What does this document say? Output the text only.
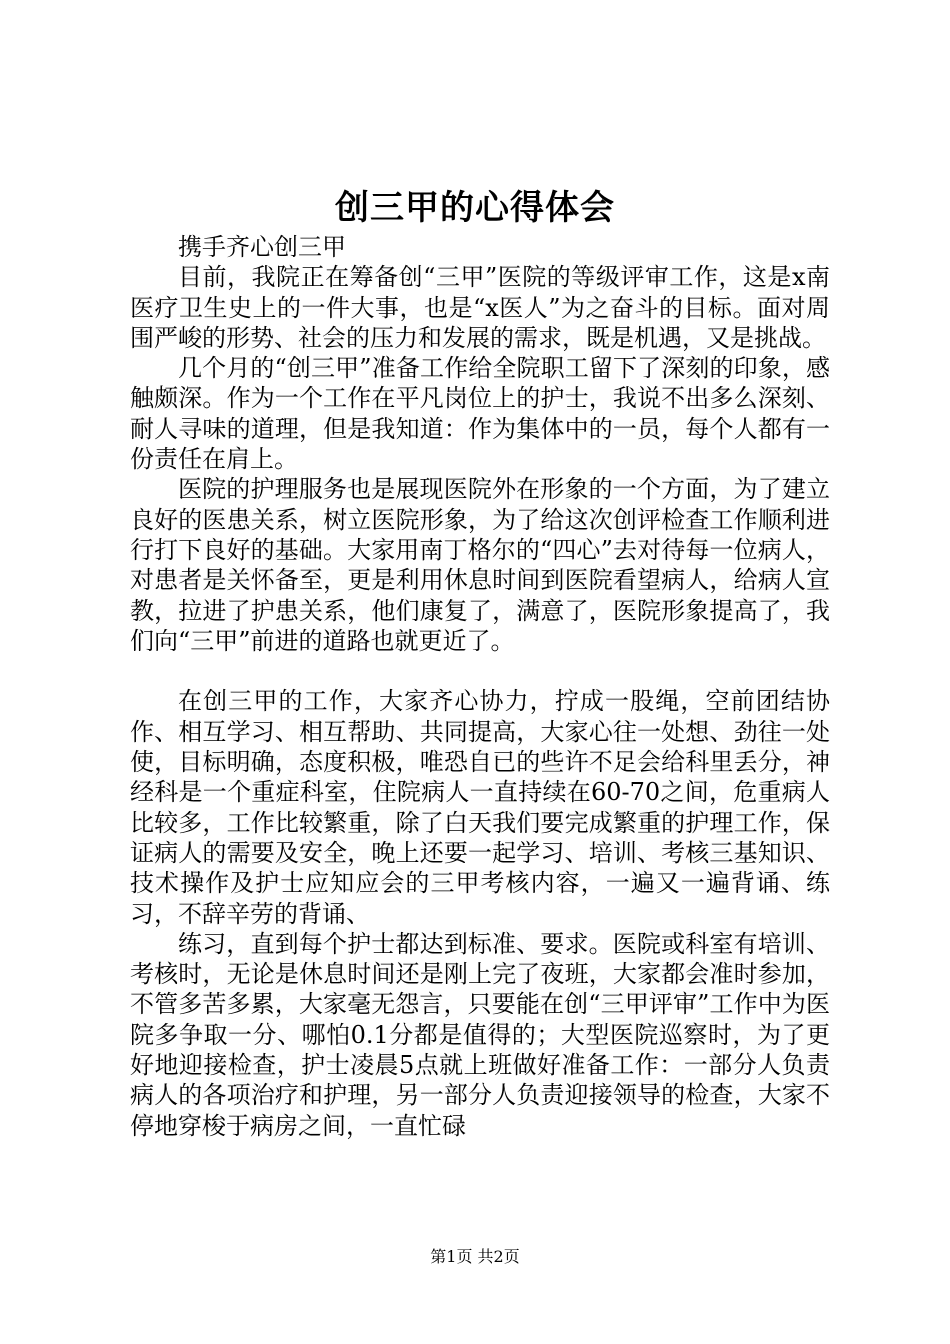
创三甲的心得体会

携手齐心创三甲

目前，我院正在筹备创“三甲”医院的等级评审工作，这是x南医疗卫生史上的一件大事，也是“x医人”为之奋斗的目标。面对周围严峻的形势、社会的压力和发展的需求，既是机遇，又是挑战。

几个月的“创三甲”准备工作给全院职工留下了深刻的印象，感触颇深。作为一个工作在平凡岗位上的护士，我说不出多么深刻、耐人寻味的道理，但是我知道：作为集体中的一员，每个人都有一份责任在肩上。

医院的护理服务也是展现医院外在形象的一个方面，为了建立良好的医患关系，树立医院形象，为了给这次创评检查工作顺利进行打下良好的基础。大家用南丁格尔的“四心”去对待每一位病人，对患者是关怀备至，更是利用休息时间到医院看望病人，给病人宣教，拉进了护患关系，他们康复了，满意了，医院形象提高了，我们向“三甲”前进的道路也就更近了。

在创三甲的工作，大家齐心协力，拧成一股绳，空前团结协作、相互学习、相互帮助、共同提高，大家心往一处想、劲往一处使，目标明确，态度积极，唯恐自已的些许不足会给科里丢分，神经科是一个重症科室，住院病人一直持续在60-70之间，危重病人比较多，工作比较繁重，除了白天我们要完成繁重的护理工作，保证病人的需要及安全，晚上还要一起学习、培训、考核三基知识、技术操作及护士应知应会的三甲考核内容，一遍又一遍背诵、练习，不辞辛劳的背诵、

练习，直到每个护士都达到标准、要求。医院或科室有培训、考核时，无论是休息时间还是刚上完了夜班，大家都会准时参加，不管多苦多累，大家毫无怨言，只要能在创“三甲评审”工作中为医院多争取一分、哪怕0.1分都是值得的；大型医院巡察时，为了更好地迎接检查，护士凌晨5点就上班做好准备工作：一部分人负责病人的各项治疗和护理，另一部分人负责迎接领导的检查，大家不停地穿梭于病房之间，一直忙碌

第1页 共2页
